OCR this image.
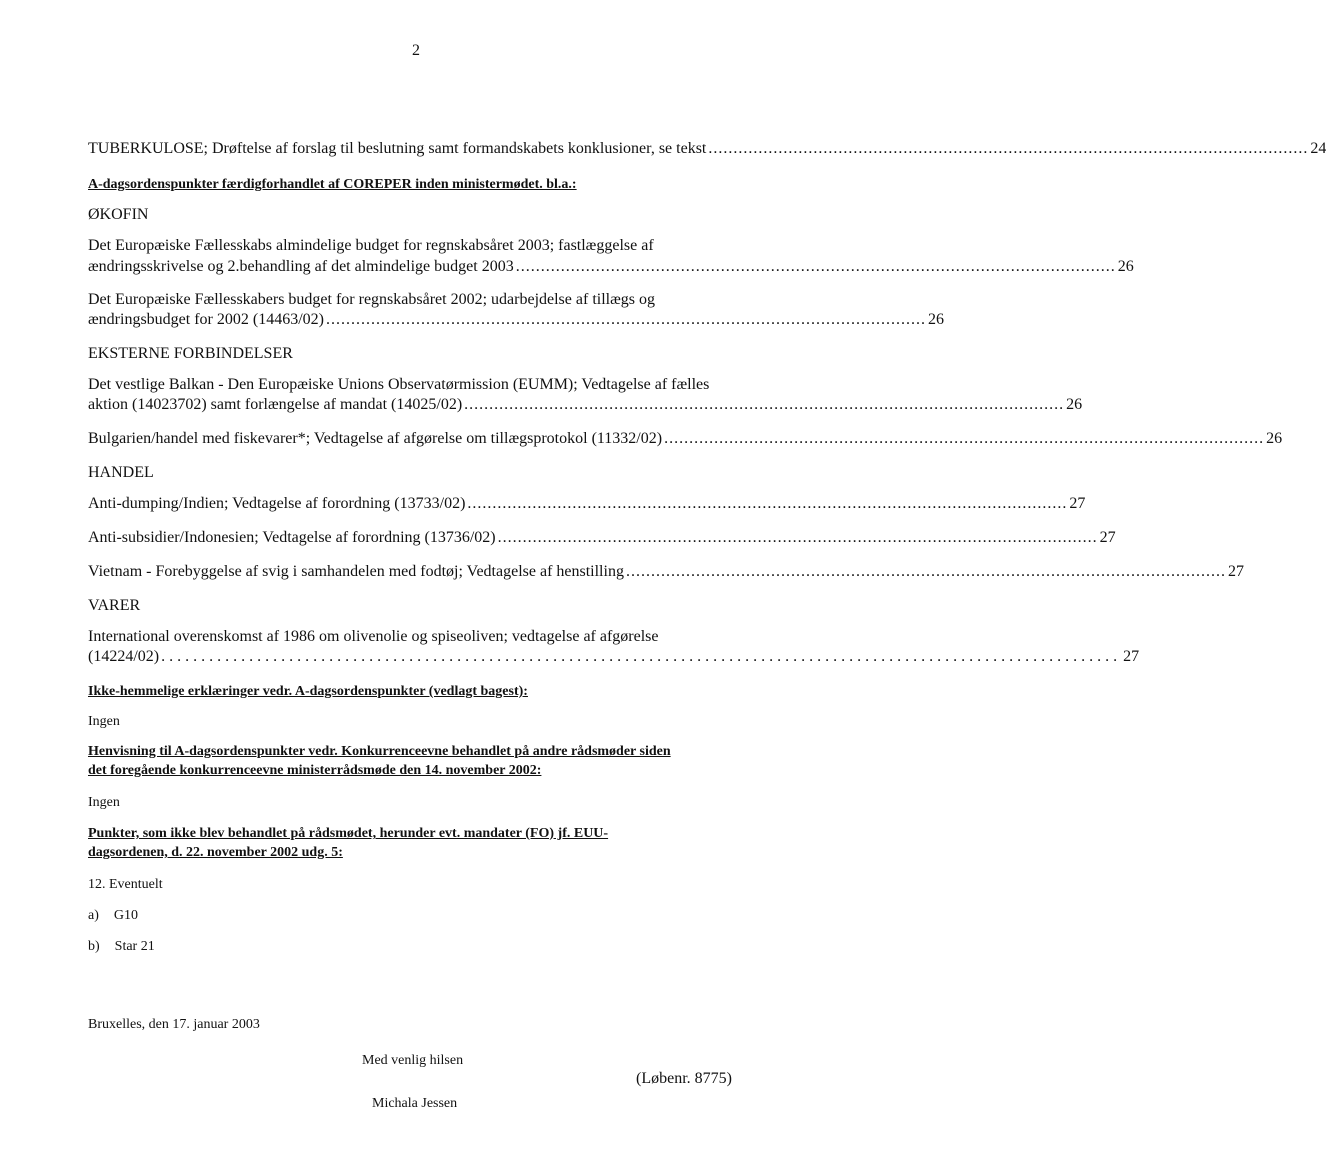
2
TUBERKULOSE; Drøftelse af forslag til beslutning samt formandskabets konklusioner, se tekst ........................................................................................................................ 24
A-dagsordenspunkter færdigforhandlet af COREPER inden ministermødet. bl.a.:
ØKOFIN
Det Europæiske Fællesskabs almindelige budget for regnskabsåret 2003; fastlæggelse af
ændringsskrivelse og 2.behandling af det almindelige budget 2003 ........................................................................................................................ 26
Det Europæiske Fællesskabers budget for regnskabsåret 2002; udarbejdelse af tillægs og
ændringsbudget for 2002 (14463/02) ........................................................................................................................ 26
EKSTERNE FORBINDELSER
Det vestlige Balkan - Den Europæiske Unions Observatørmission (EUMM); Vedtagelse af fælles
aktion (14023702) samt forlængelse af mandat (14025/02) ........................................................................................................................ 26
Bulgarien/handel med fiskevarer*; Vedtagelse af afgørelse om tillægsprotokol (11332/02) ........................................................................................................................ 26
HANDEL
Anti-dumping/Indien; Vedtagelse af forordning (13733/02) ........................................................................................................................ 27
Anti-subsidier/Indonesien; Vedtagelse af forordning (13736/02) ........................................................................................................................ 27
Vietnam - Forebyggelse af svig i samhandelen med fodtøj; Vedtagelse af henstilling ........................................................................................................................ 27
VARER
International overenskomst af 1986 om olivenolie og spiseoliven; vedtagelse af afgørelse
(14224/02) ........................................................................................................................ 27
Ikke-hemmelige erklæringer vedr. A-dagsordenspunkter (vedlagt bagest):
Ingen
Henvisning til A-dagsordenspunkter vedr. Konkurrenceevne behandlet på andre rådsmøder siden
det foregående konkurrenceevne ministerrådsmøde den 14. november 2002:
Ingen
Punkter, som ikke blev behandlet på rådsmødet, herunder evt. mandater (FO) jf. EUU-
dagsordenen, d. 22. november 2002 udg. 5:
12. Eventuelt
a) G10
b) Star 21
Bruxelles, den 17. januar 2003
Med venlig hilsen
(Løbenr. 8775)
Michala Jessen
